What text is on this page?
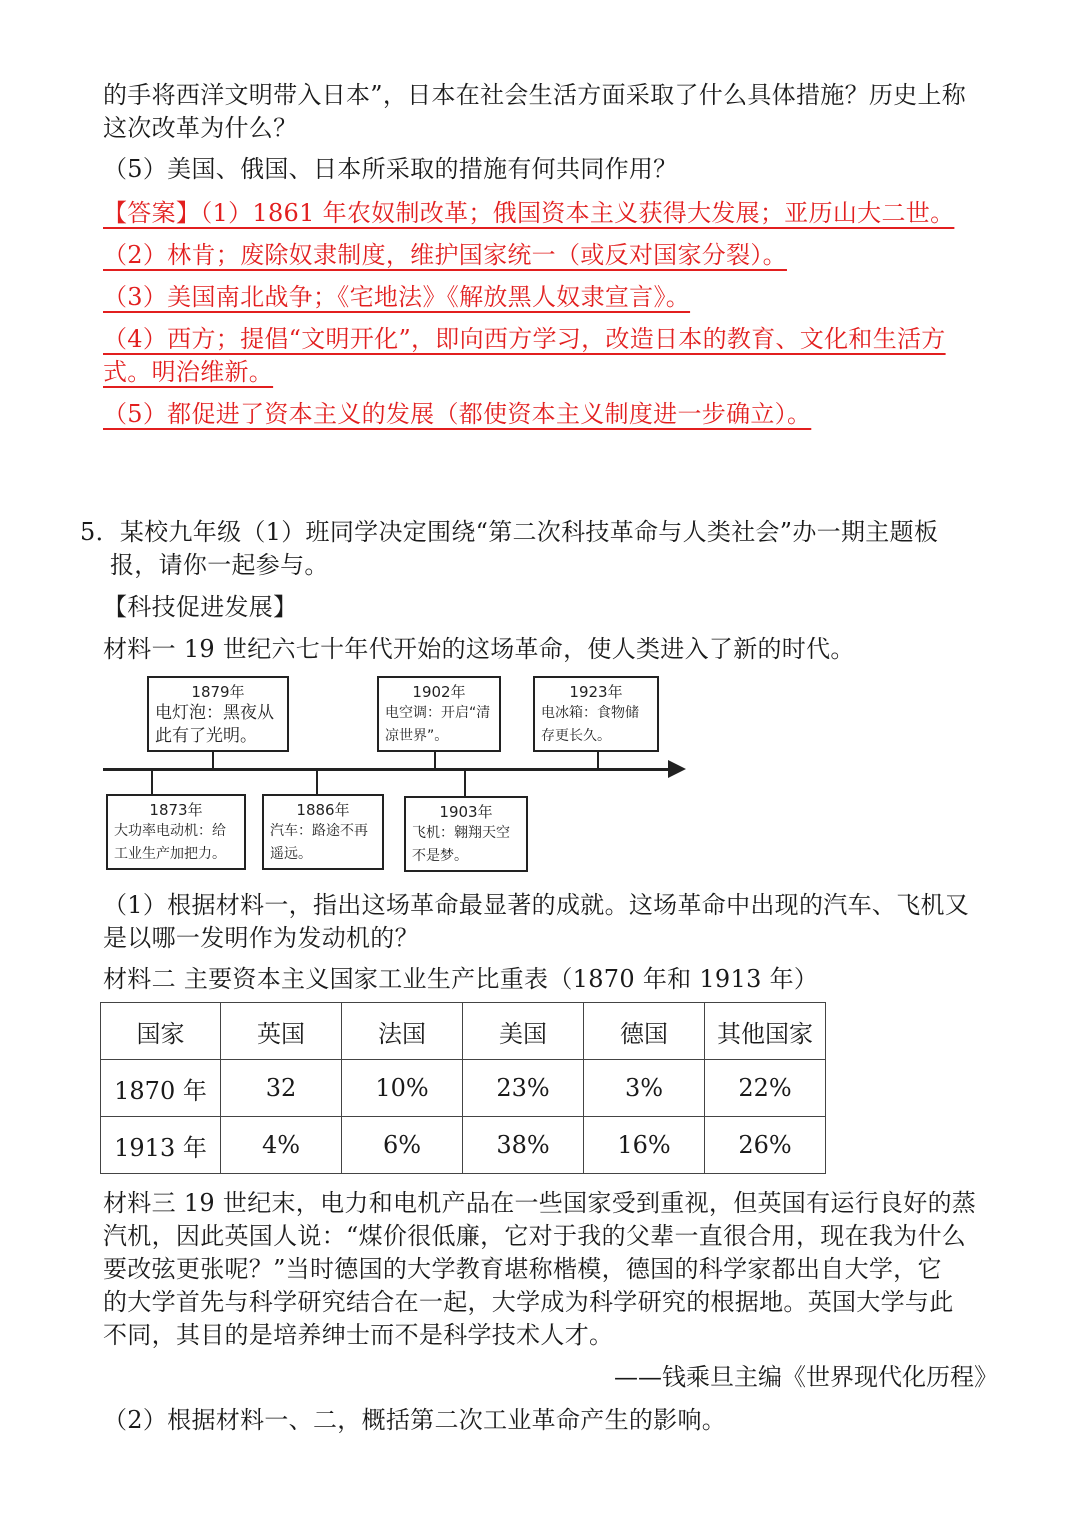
的手将西洋文明带入日本”，日本在社会生活方面采取了什么具体措施？历史上称
这次改革为什么？
（5）美国、俄国、日本所采取的措施有何共同作用？
【答案】（1）1861 年农奴制改革；俄国资本主义获得大发展；亚历山大二世。
（2）林肯；废除奴隶制度，维护国家统一（或反对国家分裂）。
（3）美国南北战争；《宅地法》《解放黑人奴隶宣言》。
（4）西方；提倡“文明开化”，即向西方学习，改造日本的教育、文化和生活方
式。明治维新。
（5）都促进了资本主义的发展（都使资本主义制度进一步确立）。
5．某校九年级（1）班同学决定围绕“第二次科技革命与人类社会”办一期主题板
报，请你一起参与。
【科技促进发展】
材料一 19 世纪六七十年代开始的这场革命，使人类进入了新的时代。
1879年
电灯泡：黑夜从此有了光明。
1902年
电空调：开启“清凉世界”。
1923年
电冰箱：食物储存更长久。
1873年
大功率电动机：给工业生产加把力。
1886年
汽车：路途不再遥远。
1903年
飞机：翱翔天空不是梦。
（1）根据材料一，指出这场革命最显著的成就。这场革命中出现的汽车、飞机又
是以哪一发明作为发动机的？
材料二 主要资本主义国家工业生产比重表（1870 年和 1913 年）
国家	英国	法国	美国	德国	其他国家
1870 年	32	10%	23%	3%	22%
1913 年	4%	6%	38%	16%	26%
材料三 19 世纪末，电力和电机产品在一些国家受到重视，但英国有运行良好的蒸
汽机，因此英国人说：“煤价很低廉，它对于我的父辈一直很合用，现在我为什么
要改弦更张呢？”当时德国的大学教育堪称楷模，德国的科学家都出自大学，它
的大学首先与科学研究结合在一起，大学成为科学研究的根据地。英国大学与此
不同，其目的是培养绅士而不是科学技术人才。
——钱乘旦主编《世界现代化历程》
（2）根据材料一、二，概括第二次工业革命产生的影响。
